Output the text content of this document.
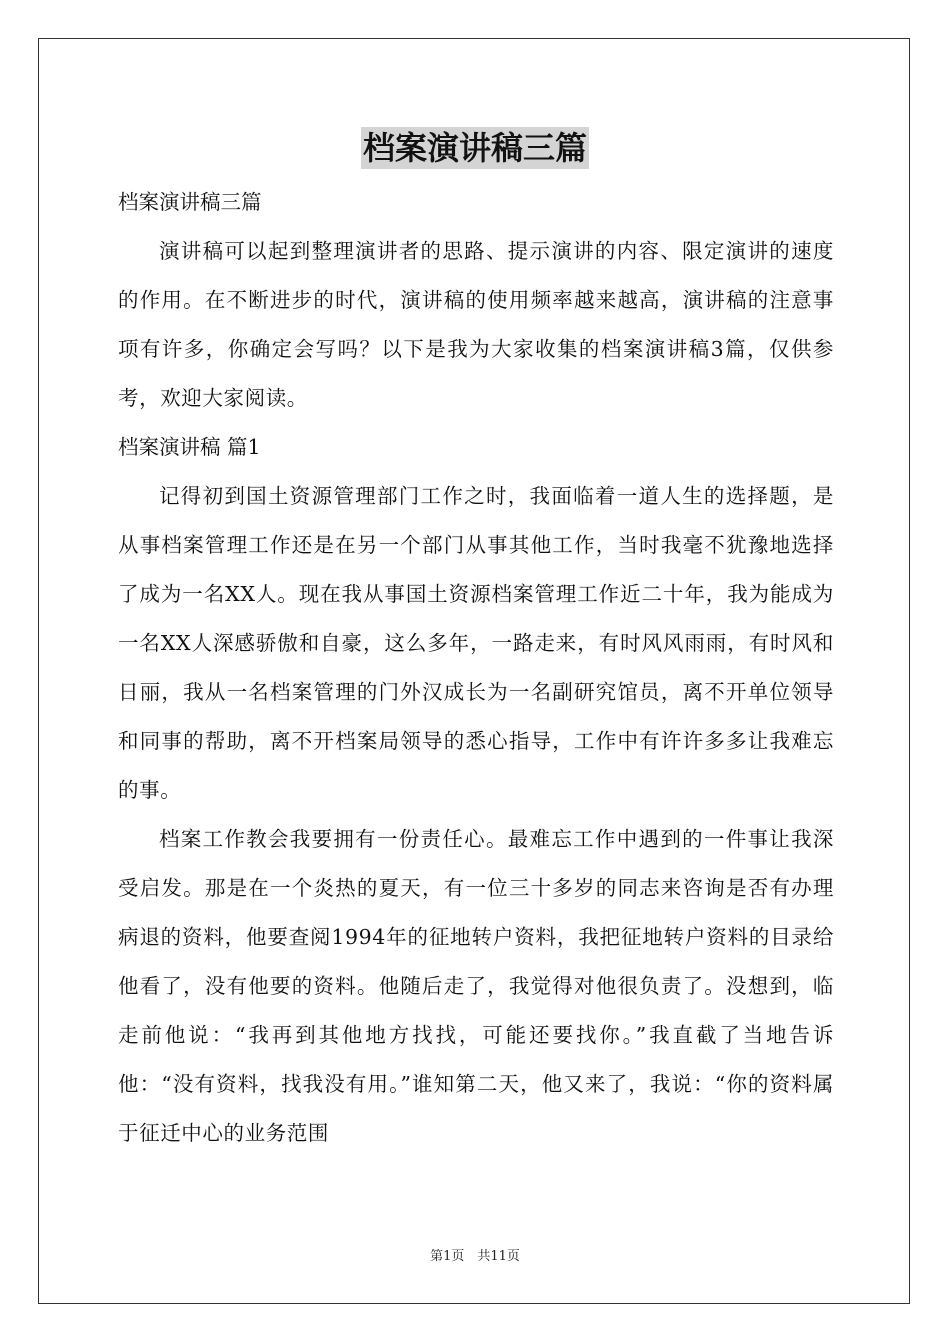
档案演讲稿三篇

档案演讲稿三篇

演讲稿可以起到整理演讲者的思路、提示演讲的内容、限定演讲的速度的作用。在不断进步的时代，演讲稿的使用频率越来越高，演讲稿的注意事项有许多，你确定会写吗？以下是我为大家收集的档案演讲稿3篇，仅供参考，欢迎大家阅读。

档案演讲稿 篇1

记得初到国土资源管理部门工作之时，我面临着一道人生的选择题，是从事档案管理工作还是在另一个部门从事其他工作，当时我毫不犹豫地选择了成为一名XX人。现在我从事国土资源档案管理工作近二十年，我为能成为一名XX人深感骄傲和自豪，这么多年，一路走来，有时风风雨雨，有时风和日丽，我从一名档案管理的门外汉成长为一名副研究馆员，离不开单位领导和同事的帮助，离不开档案局领导的悉心指导，工作中有许许多多让我难忘的事。

档案工作教会我要拥有一份责任心。最难忘工作中遇到的一件事让我深受启发。那是在一个炎热的夏天，有一位三十多岁的同志来咨询是否有办理病退的资料，他要查阅1994年的征地转户资料，我把征地转户资料的目录给他看了，没有他要的资料。他随后走了，我觉得对他很负责了。没想到，临走前他说：“我再到其他地方找找，可能还要找你。”我直截了当地告诉他：“没有资料，找我没有用。”谁知第二天，他又来了，我说：“你的资料属于征迁中心的业务范围

第1页　共11页
